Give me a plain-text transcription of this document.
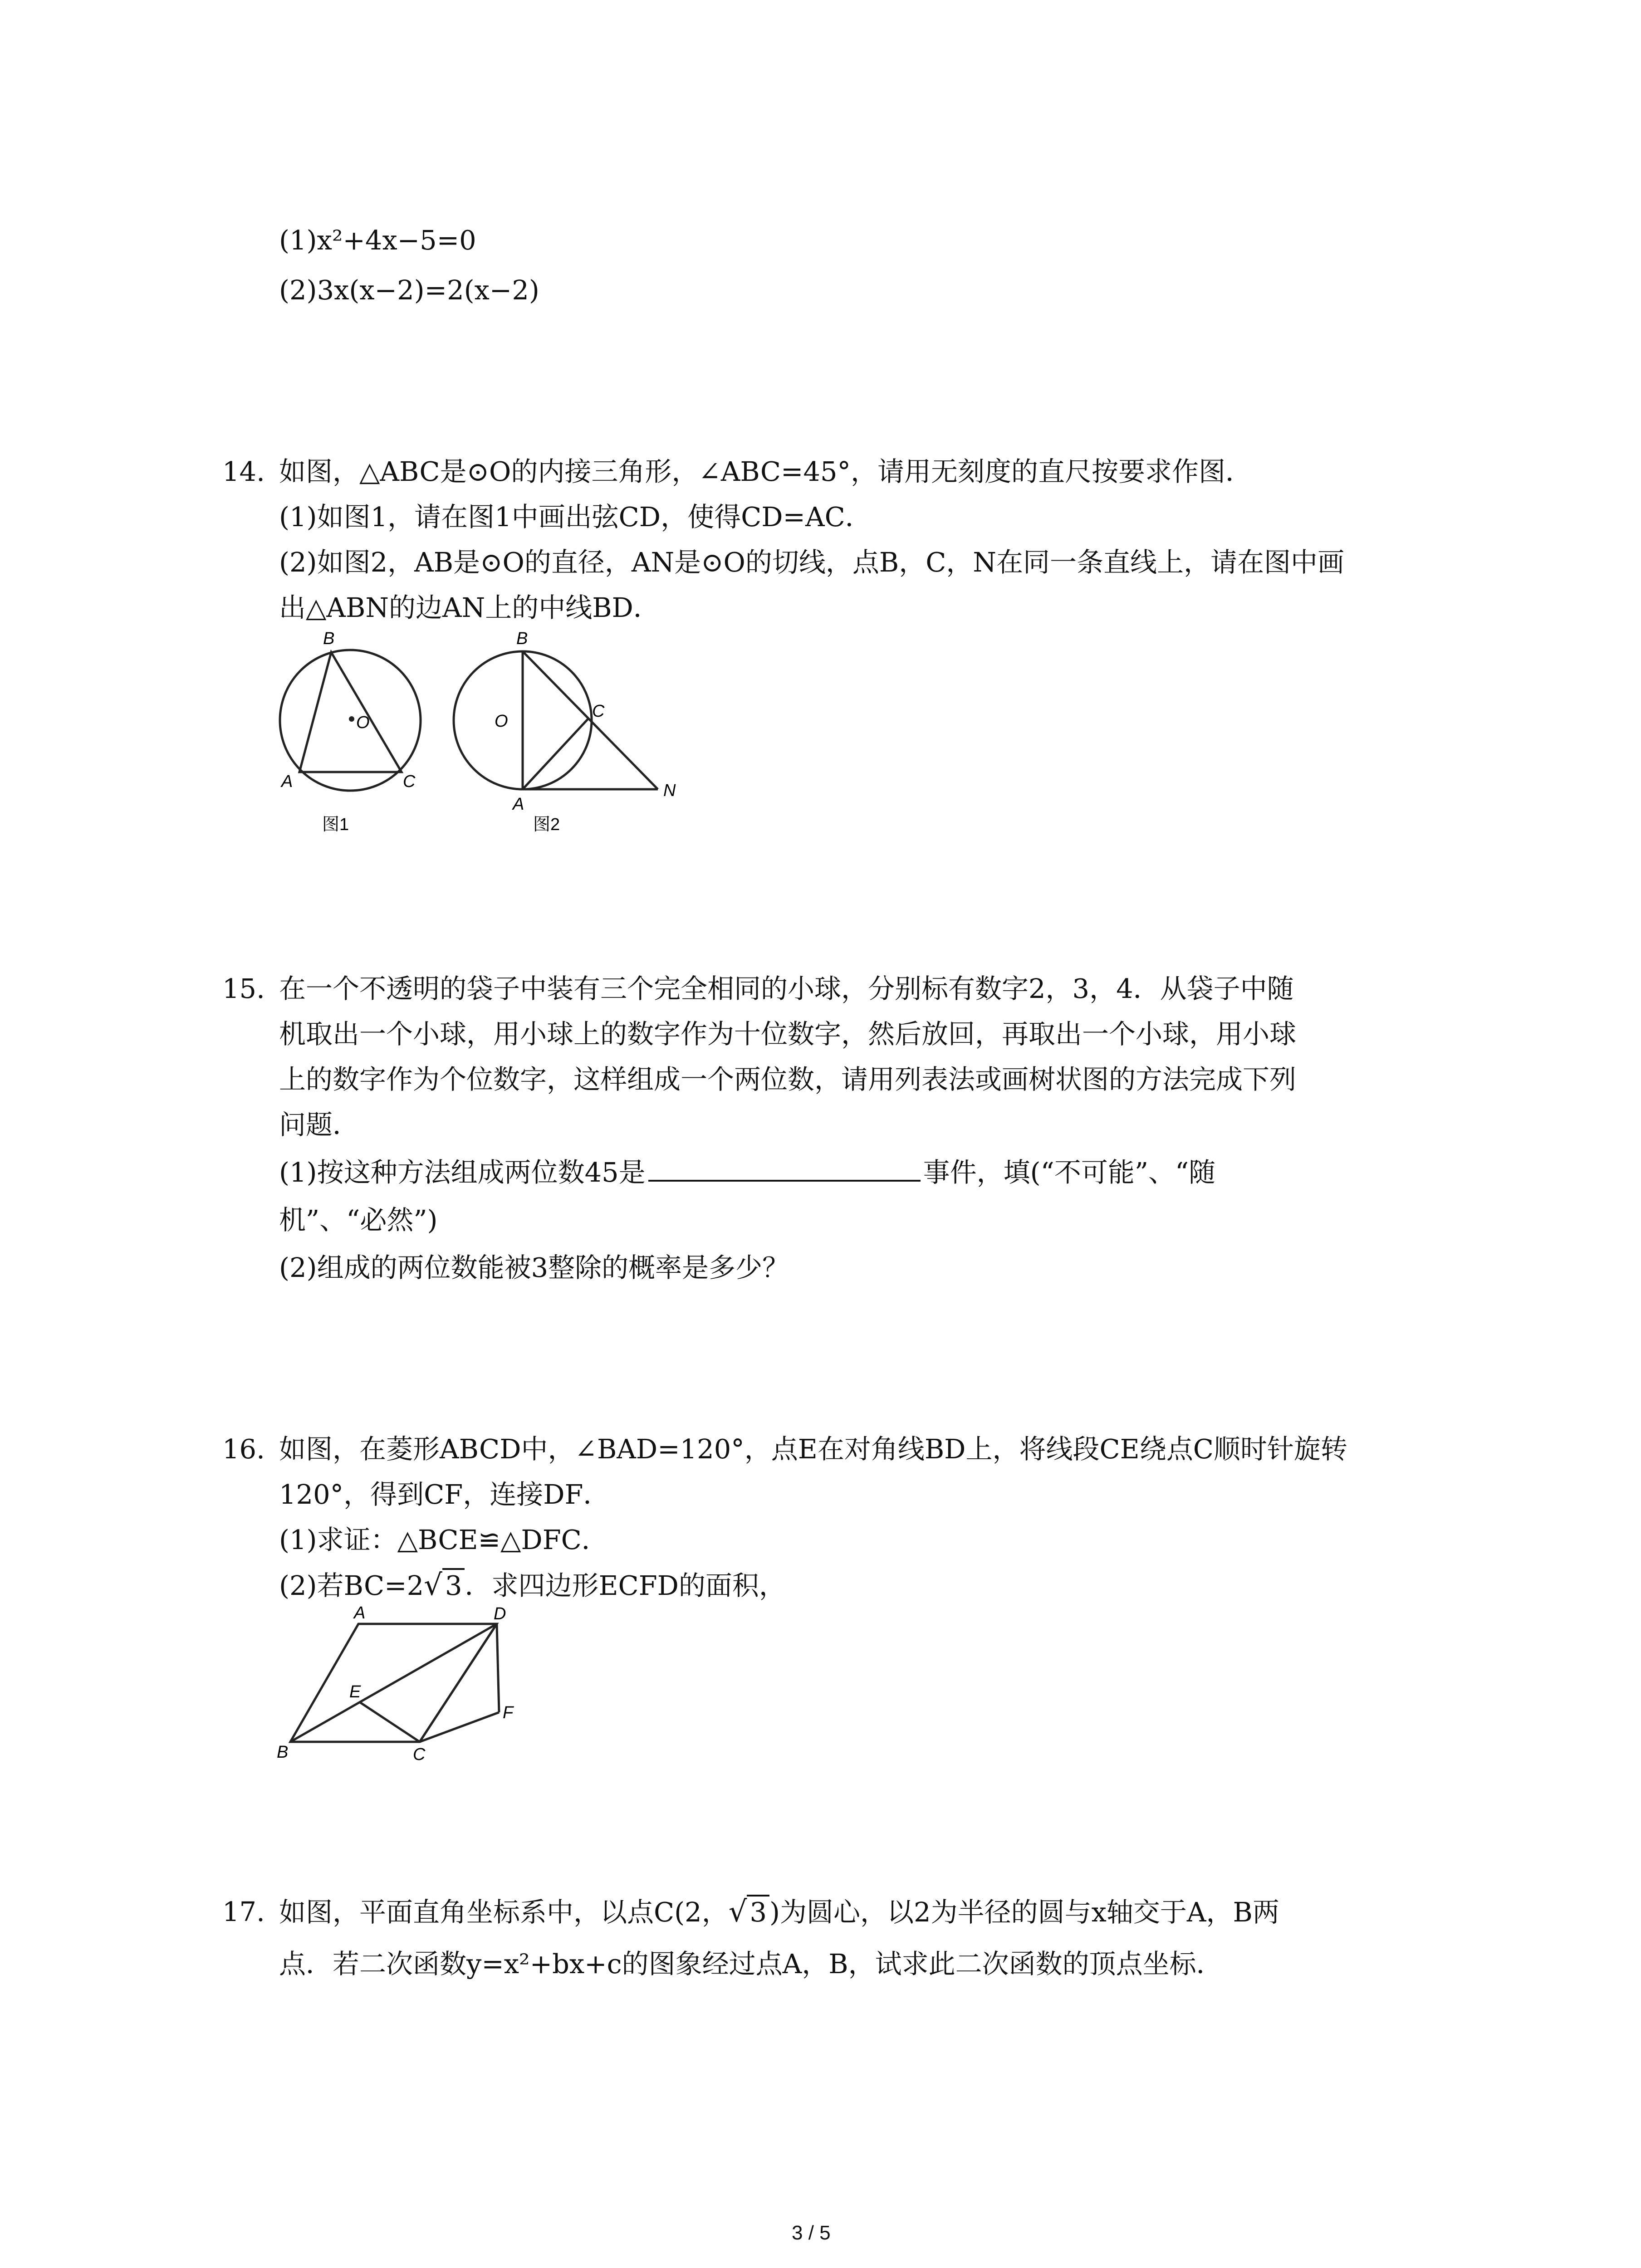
(1)x²+4x−5=0
(2)3x(x−2)=2(x−2)
14. 如图，△ABC是⊙O的内接三角形，∠ABC=45°，请用无刻度的直尺按要求作图．
(1)如图1，请在图1中画出弦CD，使得CD=AC．
(2)如图2，AB是⊙O的直径，AN是⊙O的切线，点B，C，N在同一条直线上，请在图中画
出△ABN的边AN上的中线BD．
B
O
A	C
图1
B
O
C
A
N
图2
15. 在一个不透明的袋子中装有三个完全相同的小球，分别标有数字2，3，4．从袋子中随
机取出一个小球，用小球上的数字作为十位数字，然后放回，再取出一个小球，用小球
上的数字作为个位数字，这样组成一个两位数，请用列表法或画树状图的方法完成下列
问题．
(1)按这种方法组成两位数45是	事件，填(“不可能”、“随
机”、“必然”)
(2)组成的两位数能被3整除的概率是多少？
16. 如图，在菱形ABCD中，∠BAD=120°，点E在对角线BD上，将线段CE绕点C顺时针旋转
120°，得到CF，连接DF．
(1)求证：△BCE≌△DFC．
(2)若BC=2√ 3 ．求四边形ECFD的面积，
A	D
E
F
B	C
17. 如图，平面直角坐标系中，以点C(2，√ 3 )为圆心，以2为半径的圆与x轴交于A，B两
点．若二次函数y=x²+bx+c的图象经过点A，B，试求此二次函数的顶点坐标．
3 / 5
